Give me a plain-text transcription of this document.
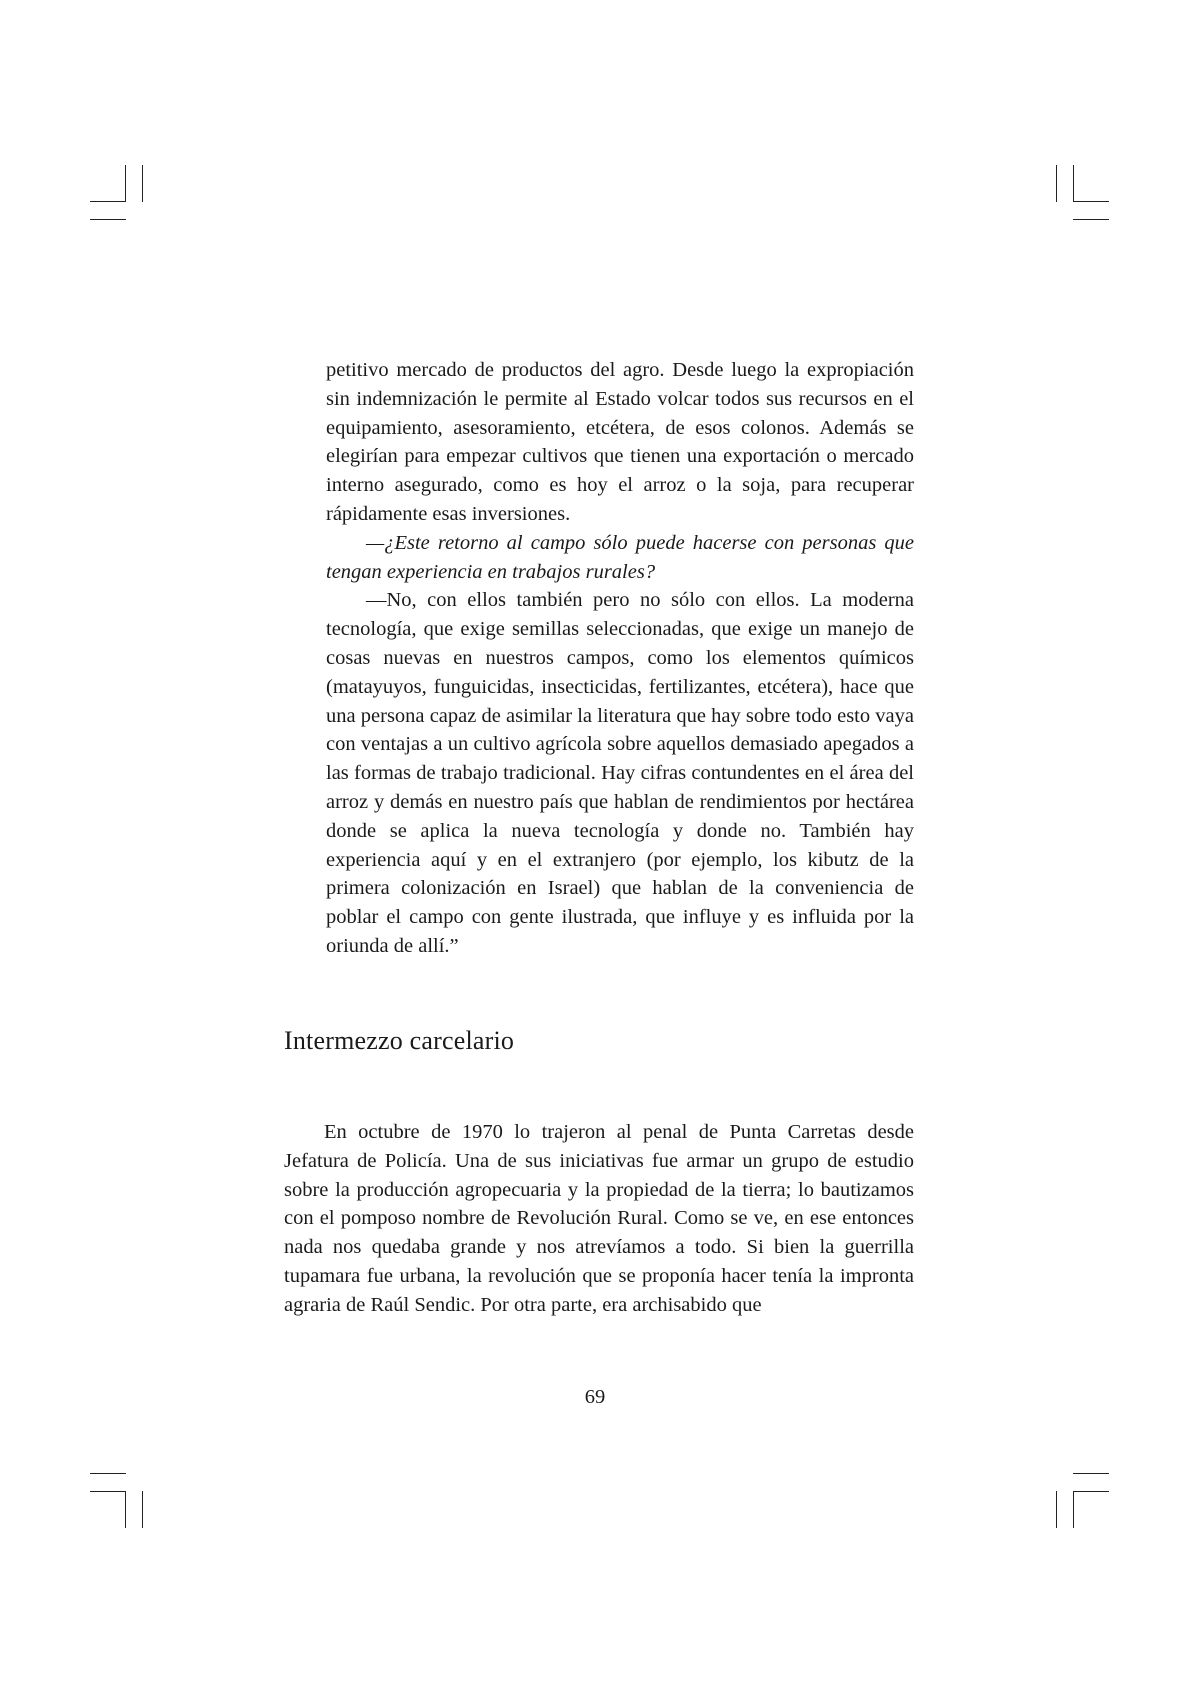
petitivo mercado de productos del agro. Desde luego la expropiación sin indemnización le permite al Estado volcar todos sus recursos en el equipamiento, asesoramiento, etcétera, de esos colonos. Además se elegirían para empezar cultivos que tienen una exportación o mercado interno asegurado, como es hoy el arroz o la soja, para recuperar rápidamente esas inversiones.

—¿Este retorno al campo sólo puede hacerse con personas que tengan experiencia en trabajos rurales?

—No, con ellos también pero no sólo con ellos. La moderna tecnología, que exige semillas seleccionadas, que exige un manejo de cosas nuevas en nuestros campos, como los elementos químicos (matayuyos, funguicidas, insecticidas, fertilizantes, etcétera), hace que una persona capaz de asimilar la literatura que hay sobre todo esto vaya con ventajas a un cultivo agrícola sobre aquellos demasiado apegados a las formas de trabajo tradicional. Hay cifras contundentes en el área del arroz y demás en nuestro país que hablan de rendimientos por hectárea donde se aplica la nueva tecnología y donde no. También hay experiencia aquí y en el extranjero (por ejemplo, los kibutz de la primera colonización en Israel) que hablan de la conveniencia de poblar el campo con gente ilustrada, que influye y es influida por la oriunda de allí.”

Intermezzo carcelario

En octubre de 1970 lo trajeron al penal de Punta Carretas desde Jefatura de Policía. Una de sus iniciativas fue armar un grupo de estudio sobre la producción agropecuaria y la propiedad de la tierra; lo bautizamos con el pomposo nombre de Revolución Rural. Como se ve, en ese entonces nada nos quedaba grande y nos atrevíamos a todo. Si bien la guerrilla tupamara fue urbana, la revolución que se proponía hacer tenía la impronta agraria de Raúl Sendic. Por otra parte, era archisabido que

69
